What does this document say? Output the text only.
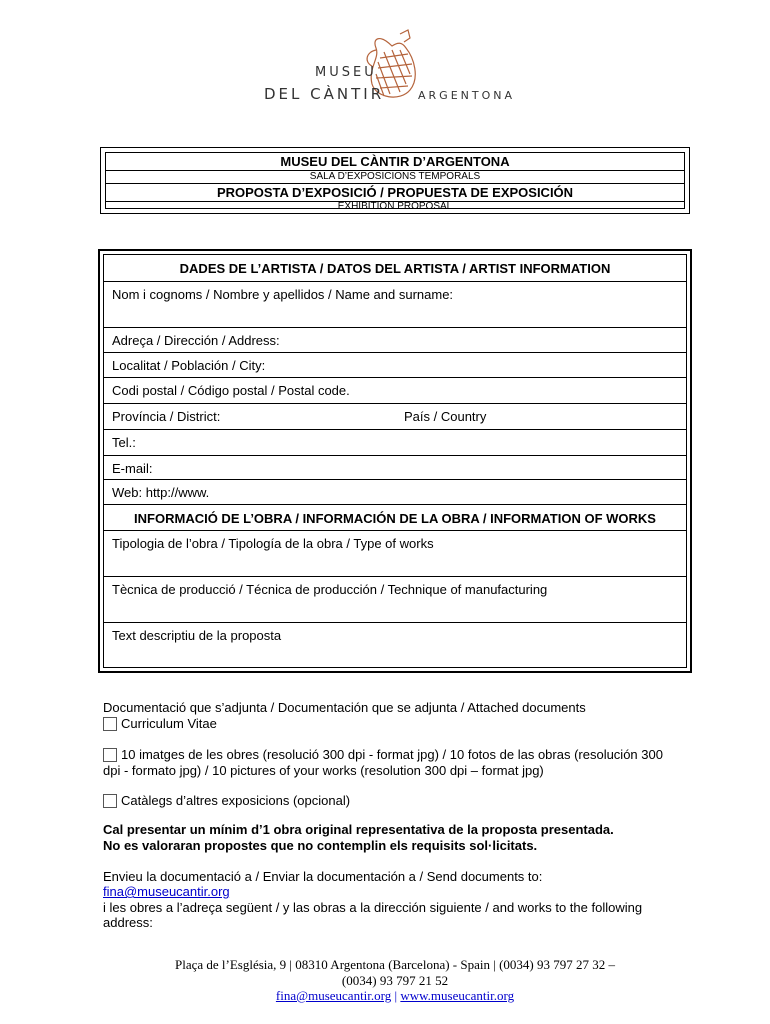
MUSEU
DEL CÀNTIR	ARGENTONA
MUSEU DEL CÀNTIR D’ARGENTONA
SALA D’EXPOSICIONS TEMPORALS
PROPOSTA D’EXPOSICIÓ / PROPUESTA DE EXPOSICIÓN
EXHIBITION PROPOSAL
DADES DE L’ARTISTA / DATOS DEL ARTISTA / ARTIST INFORMATION
Nom i cognoms / Nombre y apellidos / Name and surname:
Adreça / Dirección / Address:
Localitat / Población / City:
Codi postal / Código postal / Postal code.
Província / District:	País / Country
Tel.:
E-mail:
Web: http://www.
INFORMACIÓ DE L’OBRA / INFORMACIÓN DE LA OBRA / INFORMATION OF WORKS
Tipologia de l’obra / Tipología de la obra / Type of works
Tècnica de producció / Técnica de producción / Technique of manufacturing
Text descriptiu de la proposta
Documentació que s’adjunta / Documentación que se adjunta / Attached documents
Curriculum Vitae
10 imatges de les obres (resolució 300 dpi - format jpg) / 10 fotos de las obras (resolución 300
dpi - formato jpg) / 10 pictures of your works (resolution 300 dpi – format jpg)
Catàlegs d’altres exposicions (opcional)
Cal presentar un mínim d’1 obra original representativa de la proposta presentada.
No es valoraran propostes que no contemplin els requisits sol·licitats.
Envieu la documentació a / Enviar la documentación a / Send documents to:
fina@museucantir.org
i les obres a l’adreça següent / y las obras a la dirección siguiente / and works to the following
address:
Plaça de l’Església, 9 | 08310 Argentona (Barcelona) - Spain | (0034) 93 797 27 32 –
(0034) 93 797 21 52
fina@museucantir.org | www.museucantir.org
